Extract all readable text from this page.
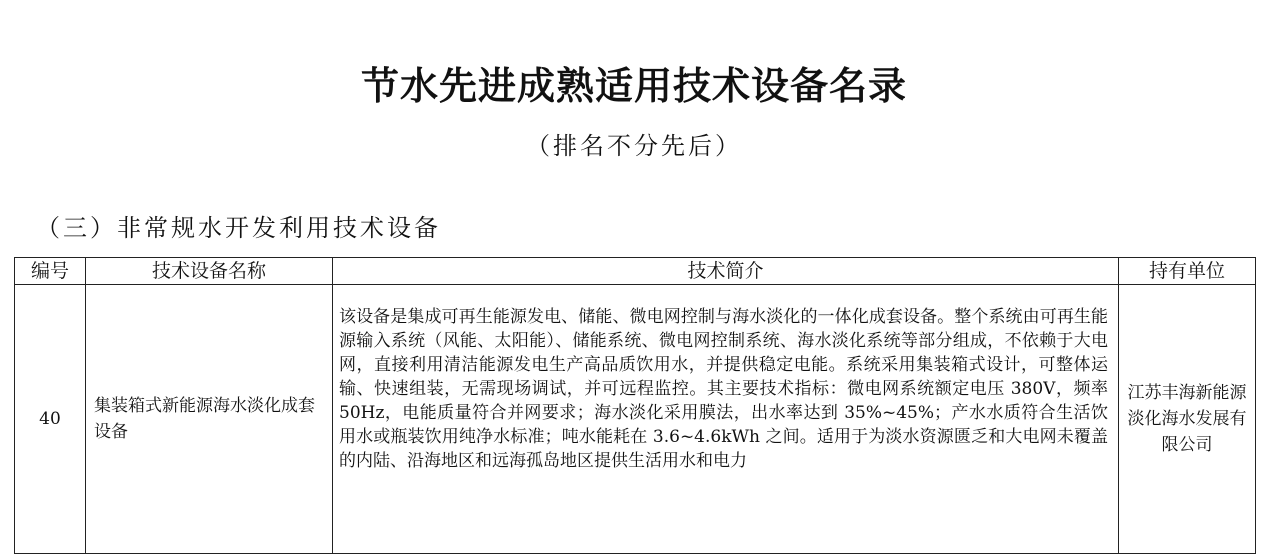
节水先进成熟适用技术设备名录
（排名不分先后）
（三）非常规水开发利用技术设备
编号	技术设备名称	技术简介	持有单位
40	集装箱式新能源海水淡化成套设备	该设备是集成可再生能源发电、储能、微电网控制与海水淡化的一体化成套设备。整个系统由可再生能源输入系统（风能、太阳能）、储能系统、微电网控制系统、海水淡化系统等部分组成，不依赖于大电网，直接利用清洁能源发电生产高品质饮用水，并提供稳定电能。系统采用集装箱式设计，可整体运输、快速组装，无需现场调试，并可远程监控。其主要技术指标：微电网系统额定电压 380V，频率 50Hz，电能质量符合并网要求；海水淡化采用膜法，出水率达到 35%~45%；产水水质符合生活饮用水或瓶装饮用纯净水标准；吨水能耗在 3.6~4.6kWh 之间。适用于为淡水资源匮乏和大电网未覆盖的内陆、沿海地区和远海孤岛地区提供生活用水和电力	江苏丰海新能源淡化海水发展有限公司
